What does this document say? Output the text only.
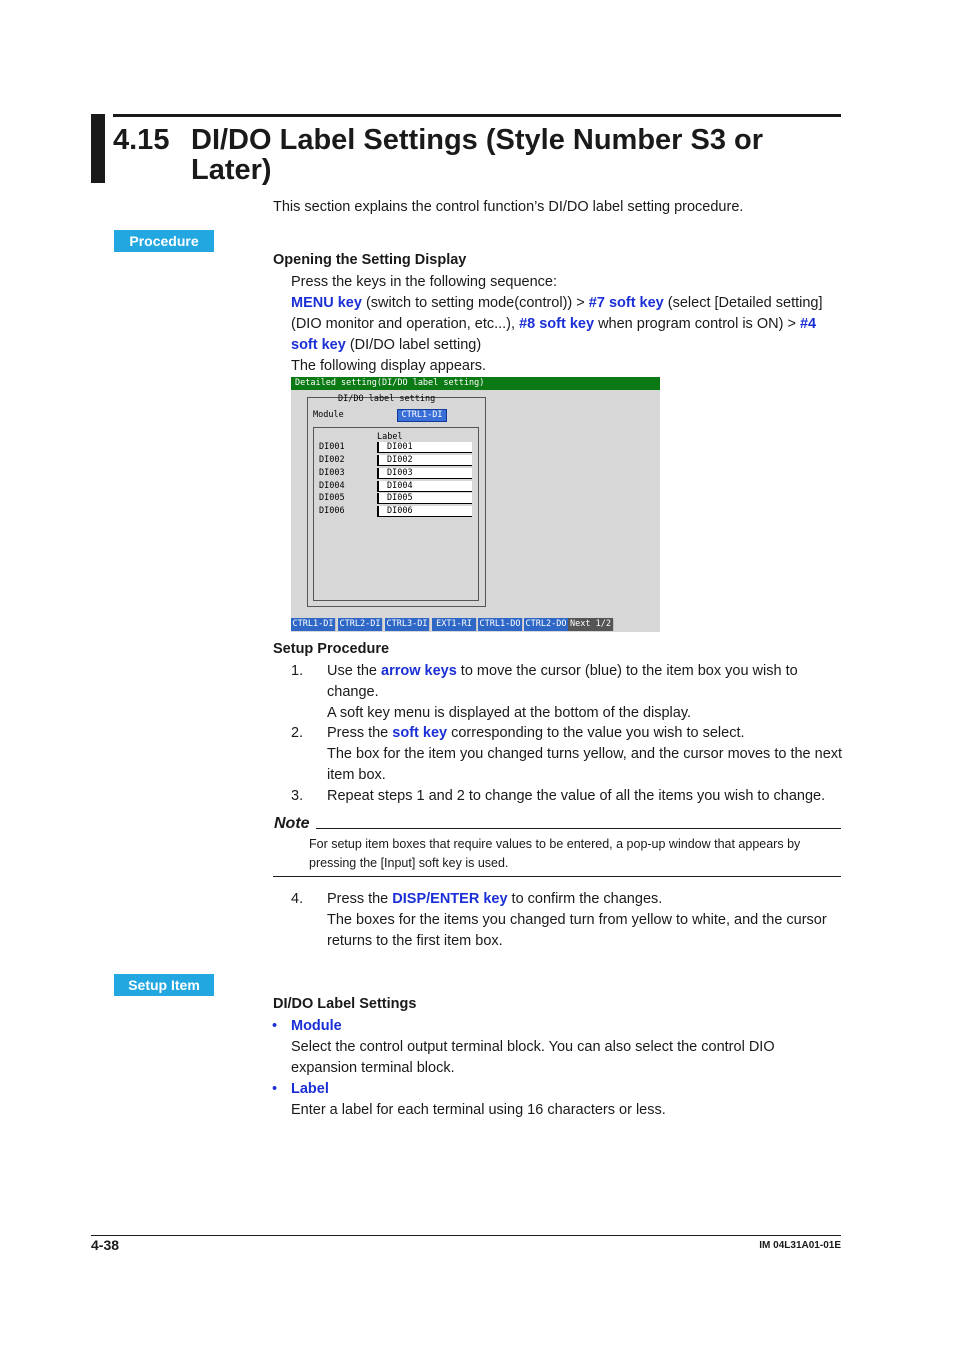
4.15 DI/DO Label Settings (Style Number S3 or
Later)
This section explains the control function’s DI/DO label setting procedure.
Procedure
Opening the Setting Display
Press the keys in the following sequence:
MENU key (switch to setting mode(control)) > #7 soft key (select [Detailed setting]
(DIO monitor and operation, etc...), #8 soft key when program control is ON) > #4
soft key (DI/DO label setting)
The following display appears.
Detailed setting(DI/DO label setting)
DI/DO label setting
Module	CTRL1-DI
Label
DI001	DI001
DI002	DI002
DI003	DI003
DI004	DI004
DI005	DI005
DI006	DI006
CTRL1-DI CTRL2-DI CTRL3-DI	EXT1-RI CTRL1-DO CTRL2-DO Next 1/2
Setup Procedure
1. Use the arrow keys to move the cursor (blue) to the item box you wish to
change.
A soft key menu is displayed at the bottom of the display.
2. Press the soft key corresponding to the value you wish to select.
The box for the item you changed turns yellow, and the cursor moves to the next
item box.
3. Repeat steps 1 and 2 to change the value of all the items you wish to change.
Note
For setup item boxes that require values to be entered, a pop-up window that appears by
pressing the [Input] soft key is used.
4. Press the DISP/ENTER key to confirm the changes.
The boxes for the items you changed turn from yellow to white, and the cursor
returns to the first item box.
Setup Item
DI/DO Label Settings
• Module
Select the control output terminal block. You can also select the control DIO
expansion terminal block.
• Label
Enter a label for each terminal using 16 characters or less.
4-38	IM 04L31A01-01E
